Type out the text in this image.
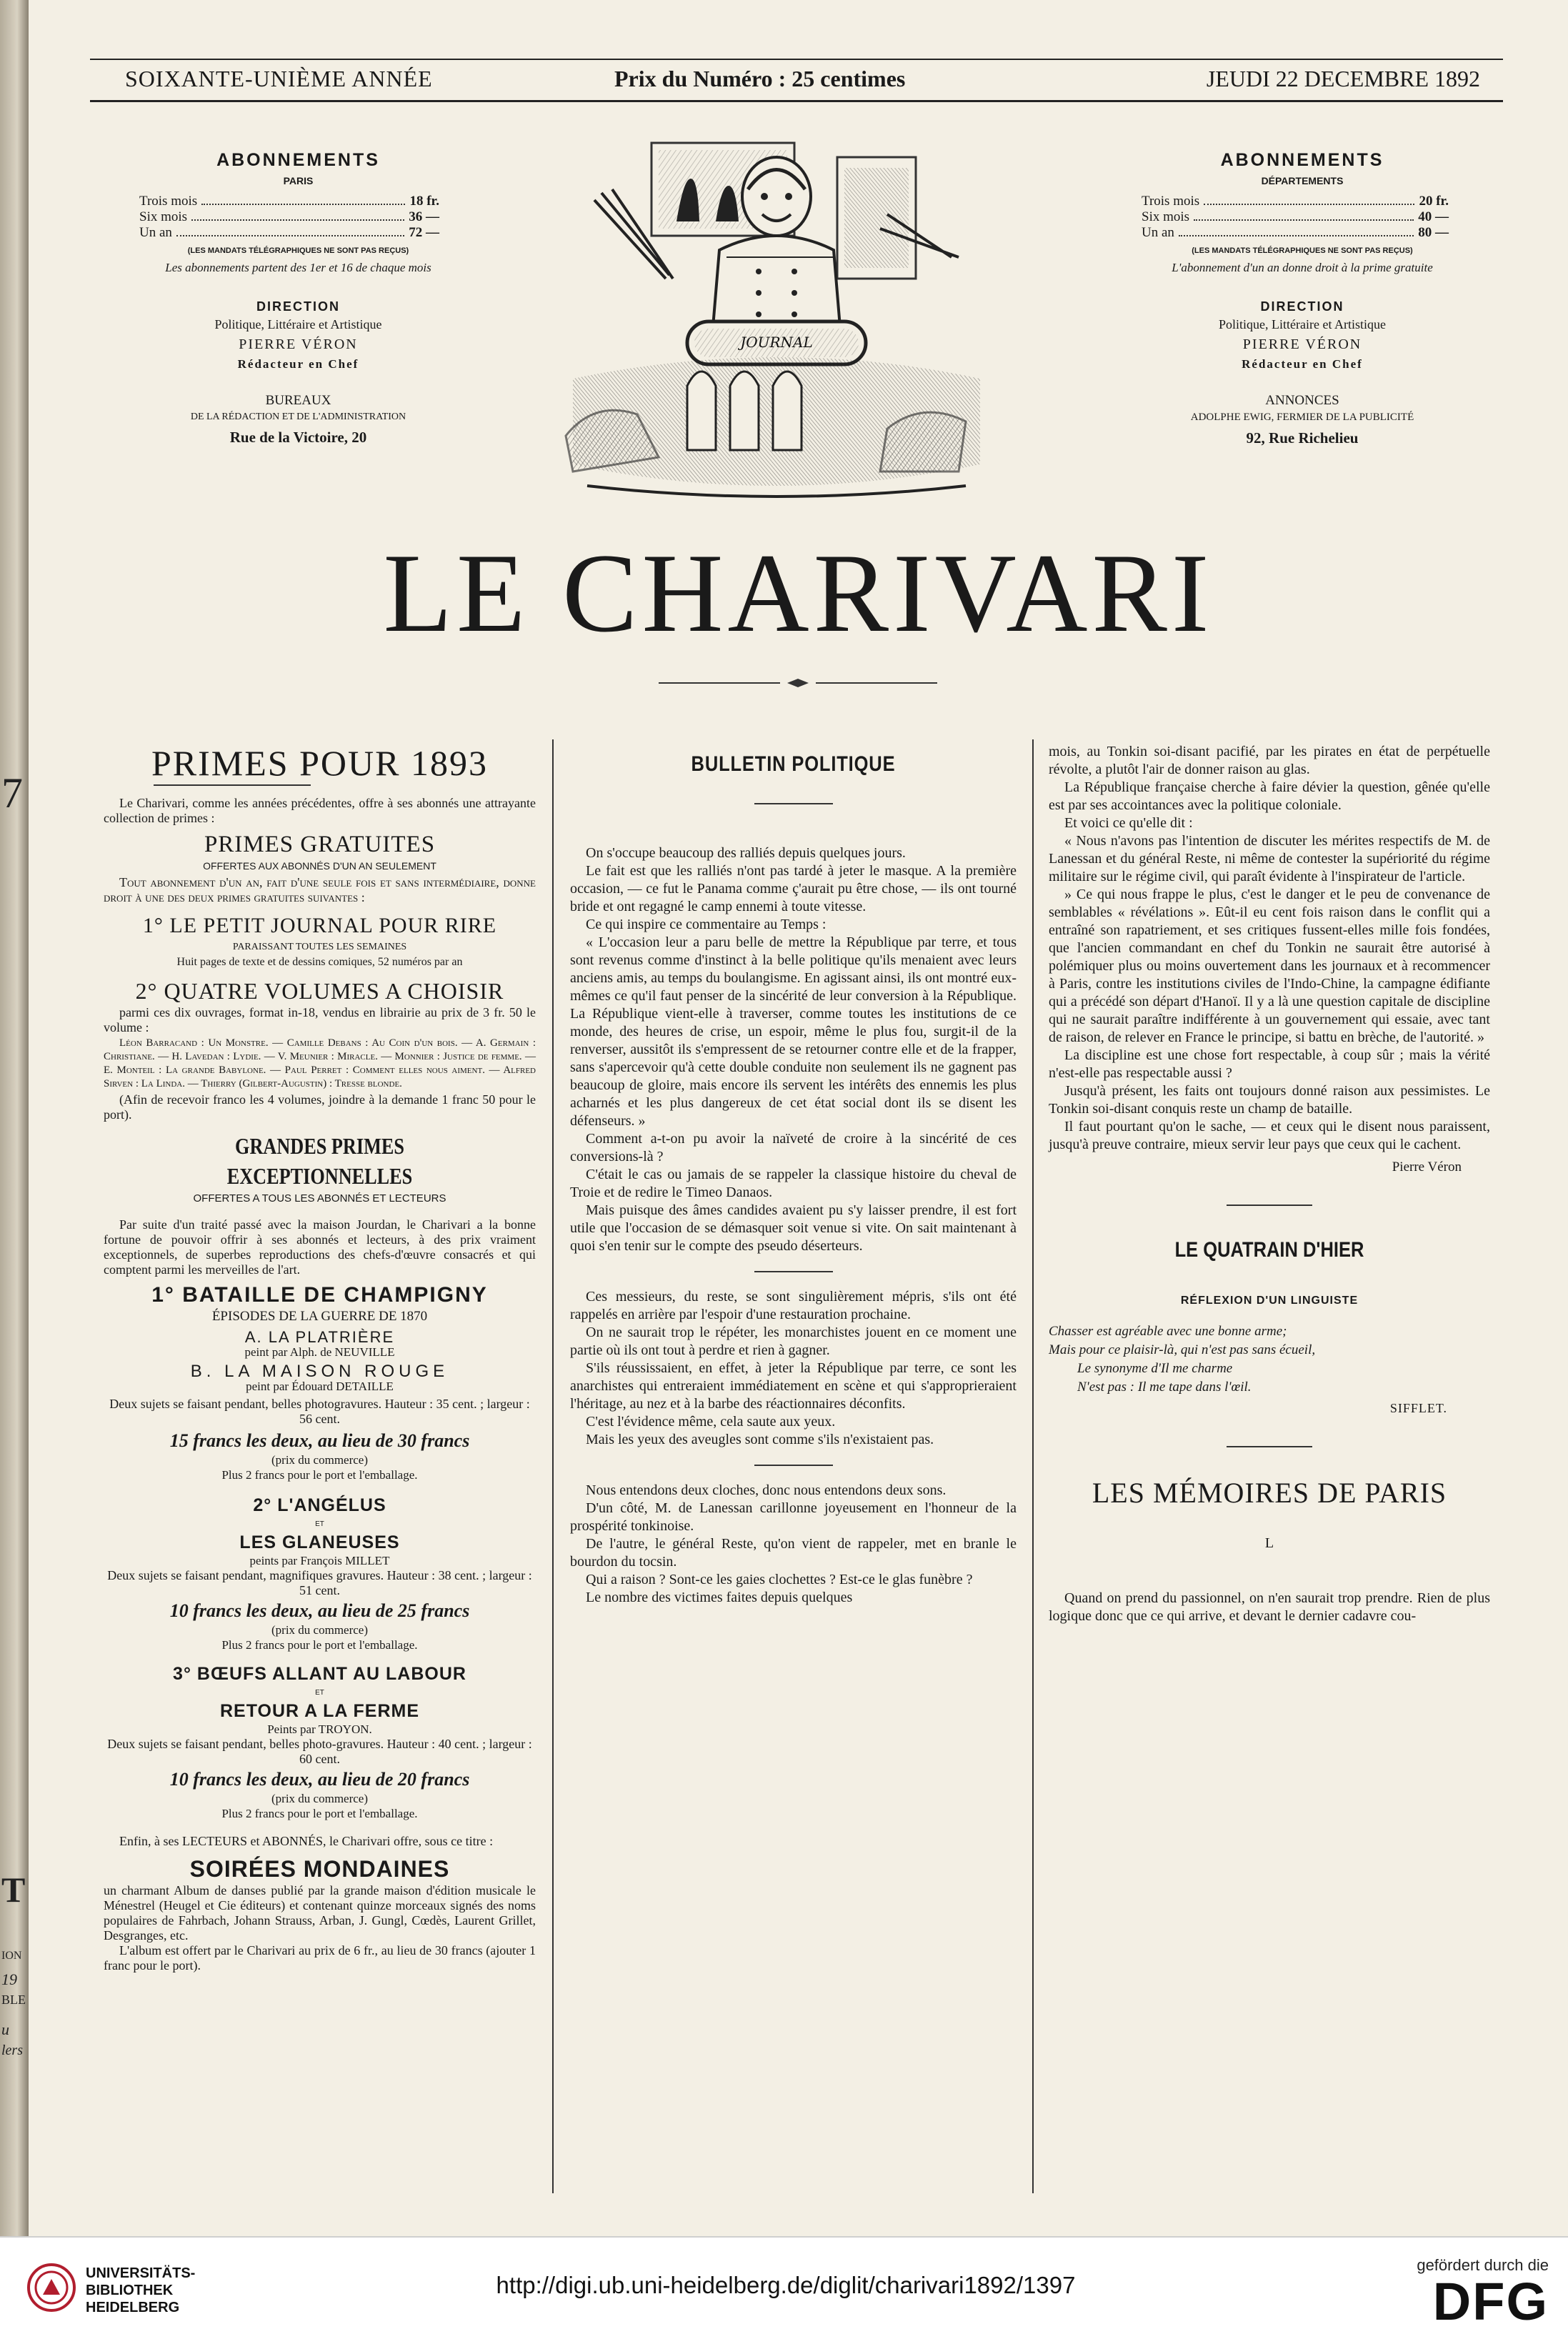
7
T
ION
19
BLE
u
lers
SOIXANTE-UNIÈME ANNÉE	Prix du Numéro : 25 centimes	JEUDI 22 DECEMBRE 1892
ABONNEMENTS
PARIS
Trois mois	18 fr.
Six mois	36 —
Un an	72 —
(LES MANDATS TÉLÉGRAPHIQUES NE SONT PAS REÇUS)
Les abonnements partent des 1er et 16 de chaque mois
DIRECTION
Politique, Littéraire et Artistique
PIERRE VÉRON
Rédacteur en Chef
BUREAUX
DE LA RÉDACTION ET DE L'ADMINISTRATION
Rue de la Victoire, 20
JOURNAL
ABONNEMENTS
DÉPARTEMENTS
Trois mois	20 fr.
Six mois	40 —
Un an	80 —
(LES MANDATS TÉLÉGRAPHIQUES NE SONT PAS REÇUS)
L'abonnement d'un an donne droit à la prime gratuite
DIRECTION
Politique, Littéraire et Artistique
PIERRE VÉRON
Rédacteur en Chef
ANNONCES
ADOLPHE EWIG, FERMIER DE LA PUBLICITÉ
92, Rue Richelieu
LE CHARIVARI
PRIMES POUR 1893

Le Charivari, comme les années précédentes, offre à ses abonnés une attrayante collection de primes :

PRIMES GRATUITES
OFFERTES AUX ABONNÉS D'UN AN SEULEMENT

Tout abonnement d'un an, fait d'une seule fois et sans intermédiaire, donne droit à une des deux primes gratuites suivantes :

1° LE PETIT JOURNAL POUR RIRE
PARAISSANT TOUTES LES SEMAINES
Huit pages de texte et de dessins comiques, 52 numéros par an
2° QUATRE VOLUMES A CHOISIR

parmi ces dix ouvrages, format in-18, vendus en librairie au prix de 3 fr. 50 le volume :

Léon Barracand : Un Monstre. — Camille Debans : Au Coin d'un bois. — A. Germain : Christiane. — H. Lavedan : Lydie. — V. Meunier : Miracle. — Monnier : Justice de femme. — E. Monteil : La grande Babylone. — Paul Perret : Comment elles nous aiment. — Alfred Sirven : La Linda. — Thierry (Gilbert-Augustin) : Tresse blonde.

(Afin de recevoir franco les 4 volumes, joindre à la demande 1 franc 50 pour le port).

GRANDES PRIMES EXCEPTIONNELLES
OFFERTES A TOUS LES ABONNÉS ET LECTEURS

Par suite d'un traité passé avec la maison Jourdan, le Charivari a la bonne fortune de pouvoir offrir à ses abonnés et lecteurs, à des prix vraiment exceptionnels, de superbes reproductions des chefs-d'œuvre consacrés et qui comptent parmi les merveilles de l'art.

1° BATAILLE DE CHAMPIGNY
ÉPISODES DE LA GUERRE DE 1870
A. LA PLATRIÈRE
peint par Alph. de NEUVILLE
B. LA MAISON ROUGE
peint par Édouard DETAILLE

Deux sujets se faisant pendant, belles photogravures. Hauteur : 35 cent. ; largeur : 56 cent.

15 francs les deux, au lieu de 30 francs
(prix du commerce)
Plus 2 francs pour le port et l'emballage.
2° L'ANGÉLUS
ET
LES GLANEUSES
peints par François MILLET

Deux sujets se faisant pendant, magnifiques gravures. Hauteur : 38 cent. ; largeur : 51 cent.

10 francs les deux, au lieu de 25 francs
(prix du commerce)
Plus 2 francs pour le port et l'emballage.
3° BŒUFS ALLANT AU LABOUR
ET
RETOUR A LA FERME
Peints par TROYON.

Deux sujets se faisant pendant, belles photo-gravures. Hauteur : 40 cent. ; largeur : 60 cent.

10 francs les deux, au lieu de 20 francs
(prix du commerce)
Plus 2 francs pour le port et l'emballage.

Enfin, à ses LECTEURS et ABONNÉS, le Charivari offre, sous ce titre :

SOIRÉES MONDAINES

un charmant Album de danses publié par la grande maison d'édition musicale le Ménestrel (Heugel et Cie éditeurs) et contenant quinze morceaux signés des noms populaires de Fahrbach, Johann Strauss, Arban, J. Gungl, Cœdès, Laurent Grillet, Desgranges, etc.

L'album est offert par le Charivari au prix de 6 fr., au lieu de 30 francs (ajouter 1 franc pour le port).

BULLETIN POLITIQUE

On s'occupe beaucoup des ralliés depuis quelques jours.

Le fait est que les ralliés n'ont pas tardé à jeter le masque. A la première occasion, — ce fut le Panama comme ç'aurait pu être chose, — ils ont tourné bride et ont regagné le camp ennemi à toute vitesse.

Ce qui inspire ce commentaire au Temps :

« L'occasion leur a paru belle de mettre la République par terre, et tous sont revenus comme d'instinct à la belle politique qu'ils menaient avec leurs anciens amis, au temps du boulangisme. En agissant ainsi, ils ont montré eux-mêmes ce qu'il faut penser de la sincérité de leur conversion à la République. La République vient-elle à traverser, comme toutes les institutions de ce monde, des heures de crise, un espoir, même le plus fou, surgit-il de la renverser, aussitôt ils s'empressent de se retourner contre elle et de la frapper, sans s'apercevoir qu'à cette double conduite non seulement ils ne gagnent pas beaucoup de gloire, mais encore ils servent les intérêts des ennemis les plus acharnés et les plus dangereux de cet état social dont ils se disent les défenseurs. »

Comment a-t-on pu avoir la naïveté de croire à la sincérité de ces conversions-là ?

C'était le cas ou jamais de se rappeler la classique histoire du cheval de Troie et de redire le Timeo Danaos.

Mais puisque des âmes candides avaient pu s'y laisser prendre, il est fort utile que l'occasion de se démasquer soit venue si vite. On sait maintenant à quoi s'en tenir sur le compte des pseudo déserteurs.

Ces messieurs, du reste, se sont singulièrement mépris, s'ils ont été rappelés en arrière par l'espoir d'une restauration prochaine.

On ne saurait trop le répéter, les monarchistes jouent en ce moment une partie où ils ont tout à perdre et rien à gagner.

S'ils réussissaient, en effet, à jeter la République par terre, ce sont les anarchistes qui entreraient immédiatement en scène et qui s'approprieraient l'héritage, au nez et à la barbe des réactionnaires déconfits.

C'est l'évidence même, cela saute aux yeux.

Mais les yeux des aveugles sont comme s'ils n'existaient pas.

Nous entendons deux cloches, donc nous entendons deux sons.

D'un côté, M. de Lanessan carillonne joyeusement en l'honneur de la prospérité tonkinoise.

De l'autre, le général Reste, qu'on vient de rappeler, met en branle le bourdon du tocsin.

Qui a raison ? Sont-ce les gaies clochettes ? Est-ce le glas funèbre ?

Le nombre des victimes faites depuis quelques

mois, au Tonkin soi-disant pacifié, par les pirates en état de perpétuelle révolte, a plutôt l'air de donner raison au glas.

La République française cherche à faire dévier la question, gênée qu'elle est par ses accointances avec la politique coloniale.

Et voici ce qu'elle dit :

« Nous n'avons pas l'intention de discuter les mérites respectifs de M. de Lanessan et du général Reste, ni même de contester la supériorité du régime militaire sur le régime civil, qui paraît évidente à l'inspirateur de l'article.

» Ce qui nous frappe le plus, c'est le danger et le peu de convenance de semblables « révélations ». Eût-il eu cent fois raison dans le conflit qui a entraîné son rapatriement, et ses critiques fussent-elles mille fois fondées, que l'ancien commandant en chef du Tonkin ne saurait être autorisé à polémiquer plus ou moins ouvertement dans les journaux et à recommencer à Paris, contre les institutions civiles de l'Indo-Chine, la campagne édifiante qui a précédé son départ d'Hanoï. Il y a là une question capitale de discipline qui ne saurait paraître indifférente à un gouvernement qui essaie, avec tant de raison, de relever en France le principe, si battu en brèche, de l'autorité. »

La discipline est une chose fort respectable, à coup sûr ; mais la vérité n'est-elle pas respectable aussi ?

Jusqu'à présent, les faits ont toujours donné raison aux pessimistes. Le Tonkin soi-disant conquis reste un champ de bataille.

Il faut pourtant qu'on le sache, — et ceux qui le disent nous paraissent, jusqu'à preuve contraire, mieux servir leur pays que ceux qui le cachent.

Pierre Véron
LE QUATRAIN D'HIER
RÉFLEXION D'UN LINGUISTE
Chasser est agréable avec une bonne arme;
Mais pour ce plaisir-là, qui n'est pas sans écueil,
Le synonyme d'Il me charme
N'est pas : Il me tape dans l'œil.
SIFFLET.
LES MÉMOIRES DE PARIS
L

Quand on prend du passionnel, on n'en saurait trop prendre. Rien de plus logique donc que ce qui arrive, et devant le dernier cadavre cou-

UNIVERSITÄTS-
BIBLIOTHEK
HEIDELBERG
http://digi.ub.uni-heidelberg.de/diglit/charivari1892/1397
gefördert durch die
DFG
